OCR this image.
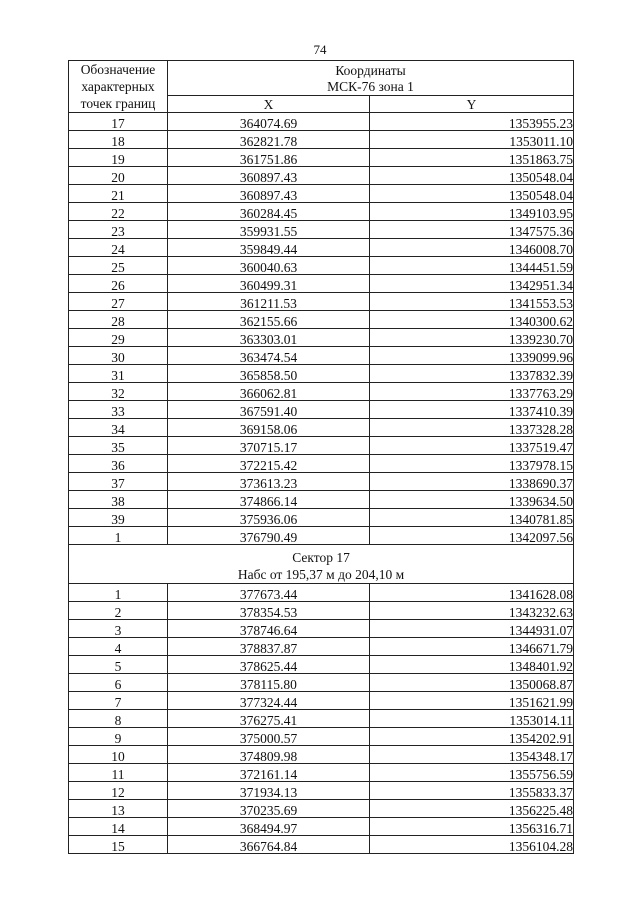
74
Обозначение
характерных
точек границ	Координаты
МСК-76 зона 1	
	X	Y
17	364074.69	1353955.23
18	362821.78	1353011.10
19	361751.86	1351863.75
20	360897.43	1350548.04
21	360897.43	1350548.04
22	360284.45	1349103.95
23	359931.55	1347575.36
24	359849.44	1346008.70
25	360040.63	1344451.59
26	360499.31	1342951.34
27	361211.53	1341553.53
28	362155.66	1340300.62
29	363303.01	1339230.70
30	363474.54	1339099.96
31	365858.50	1337832.39
32	366062.81	1337763.29
33	367591.40	1337410.39
34	369158.06	1337328.28
35	370715.17	1337519.47
36	372215.42	1337978.15
37	373613.23	1338690.37
38	374866.14	1339634.50
39	375936.06	1340781.85
1	376790.49	1342097.56
Сектор 17
Набс от 195,37 м до 204,10 м		
1	377673.44	1341628.08
2	378354.53	1343232.63
3	378746.64	1344931.07
4	378837.87	1346671.79
5	378625.44	1348401.92
6	378115.80	1350068.87
7	377324.44	1351621.99
8	376275.41	1353014.11
9	375000.57	1354202.91
10	374809.98	1354348.17
11	372161.14	1355756.59
12	371934.13	1355833.37
13	370235.69	1356225.48
14	368494.97	1356316.71
15	366764.84	1356104.28
